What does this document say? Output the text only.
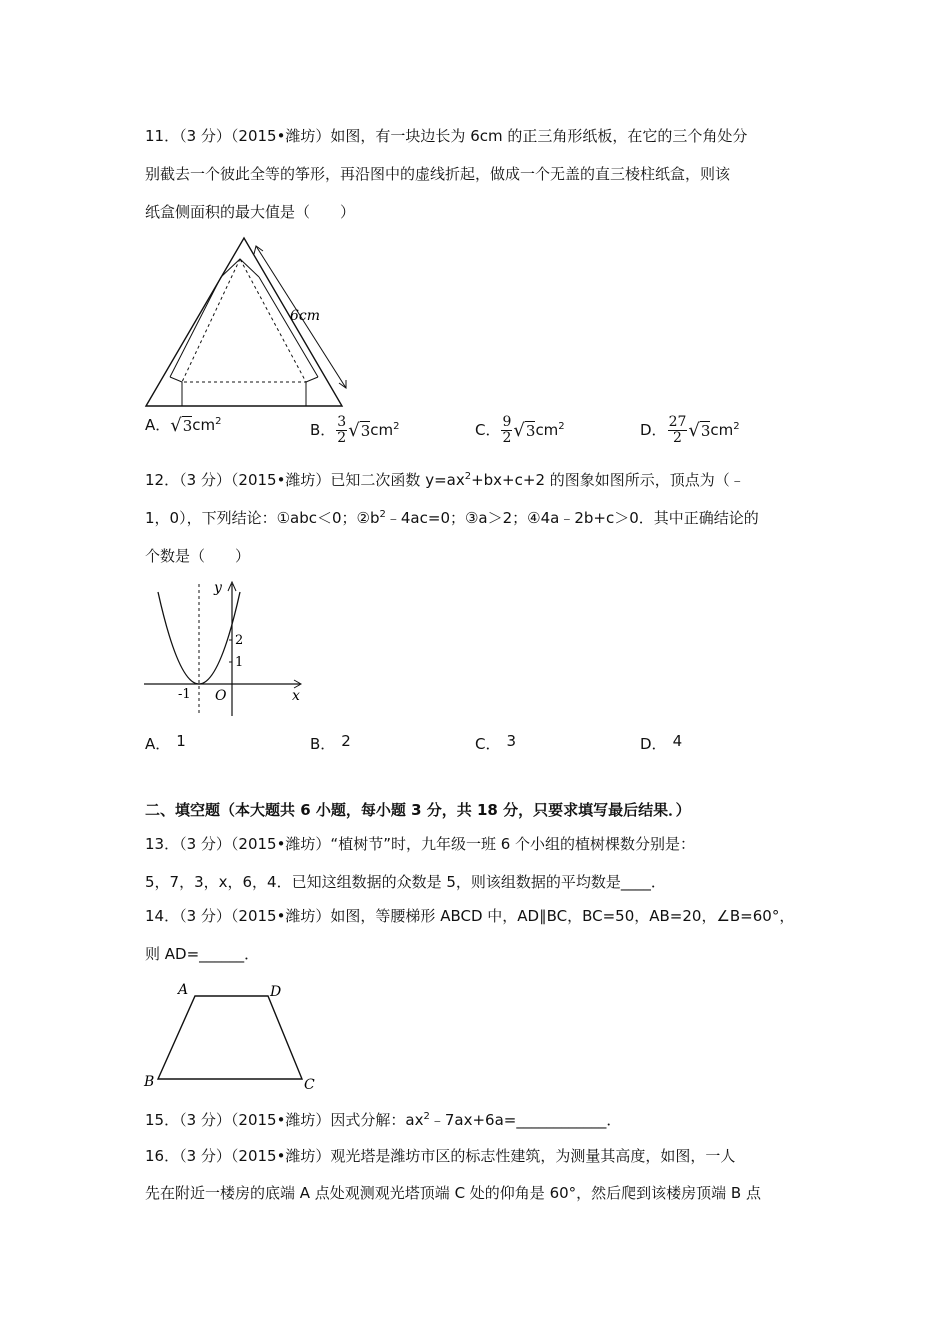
11．（3 分）（2015•潍坊）如图，有一块边长为 6cm 的正三角形纸板，在它的三个角处分
别截去一个彼此全等的筝形，再沿图中的虚线折起，做成一个无盖的直三棱柱纸盒，则该
纸盒侧面积的最大值是（　　）
6cm
A．$√3cm^2$	B． $\frac{3}{2} √3cm^2$	C． $\frac{9}{2} √3cm^2$	D． $\frac{27}{2} √3cm^2$
12．（3 分）（2015•潍坊）已知二次函数 $y=ax^2+bx+c+2$ 的图象如图所示，顶点为（﹣
1，0），下列结论：①abc＜0；$②b^2﹣4ac=0$；③a＞2；④4a﹣2b+c＞0．其中正确结论的
个数是（　　）
y
x
O
-1
1
2
A． 1	B． 2	C． 3	D． 4
二、填空题（本大题共 6 小题，每小题 3 分，共 18 分，只要求填写最后结果．）
13．（3 分）（2015•潍坊）“植树节”时，九年级一班 6 个小组的植树棵数分别是：
5，7，3，x，6，4．已知这组数据的众数是 5，则该组数据的平均数是____．
14．（3 分）（2015•潍坊）如图，等腰梯形 ABCD 中，AD∥BC，BC=50，AB=20，∠B=60°，
则 AD=______．
A	D
B	C
15．（3 分）（2015•潍坊）因式分解：$ax^2﹣7ax+6a=\_\_\_\_\_\_\_\_\_\_\_\_$．
16．（3 分）（2015•潍坊）观光塔是潍坊市区的标志性建筑，为测量其高度，如图，一人
先在附近一楼房的底端 A 点处观测观光塔顶端 C 处的仰角是 60°，然后爬到该楼房顶端 B 点
